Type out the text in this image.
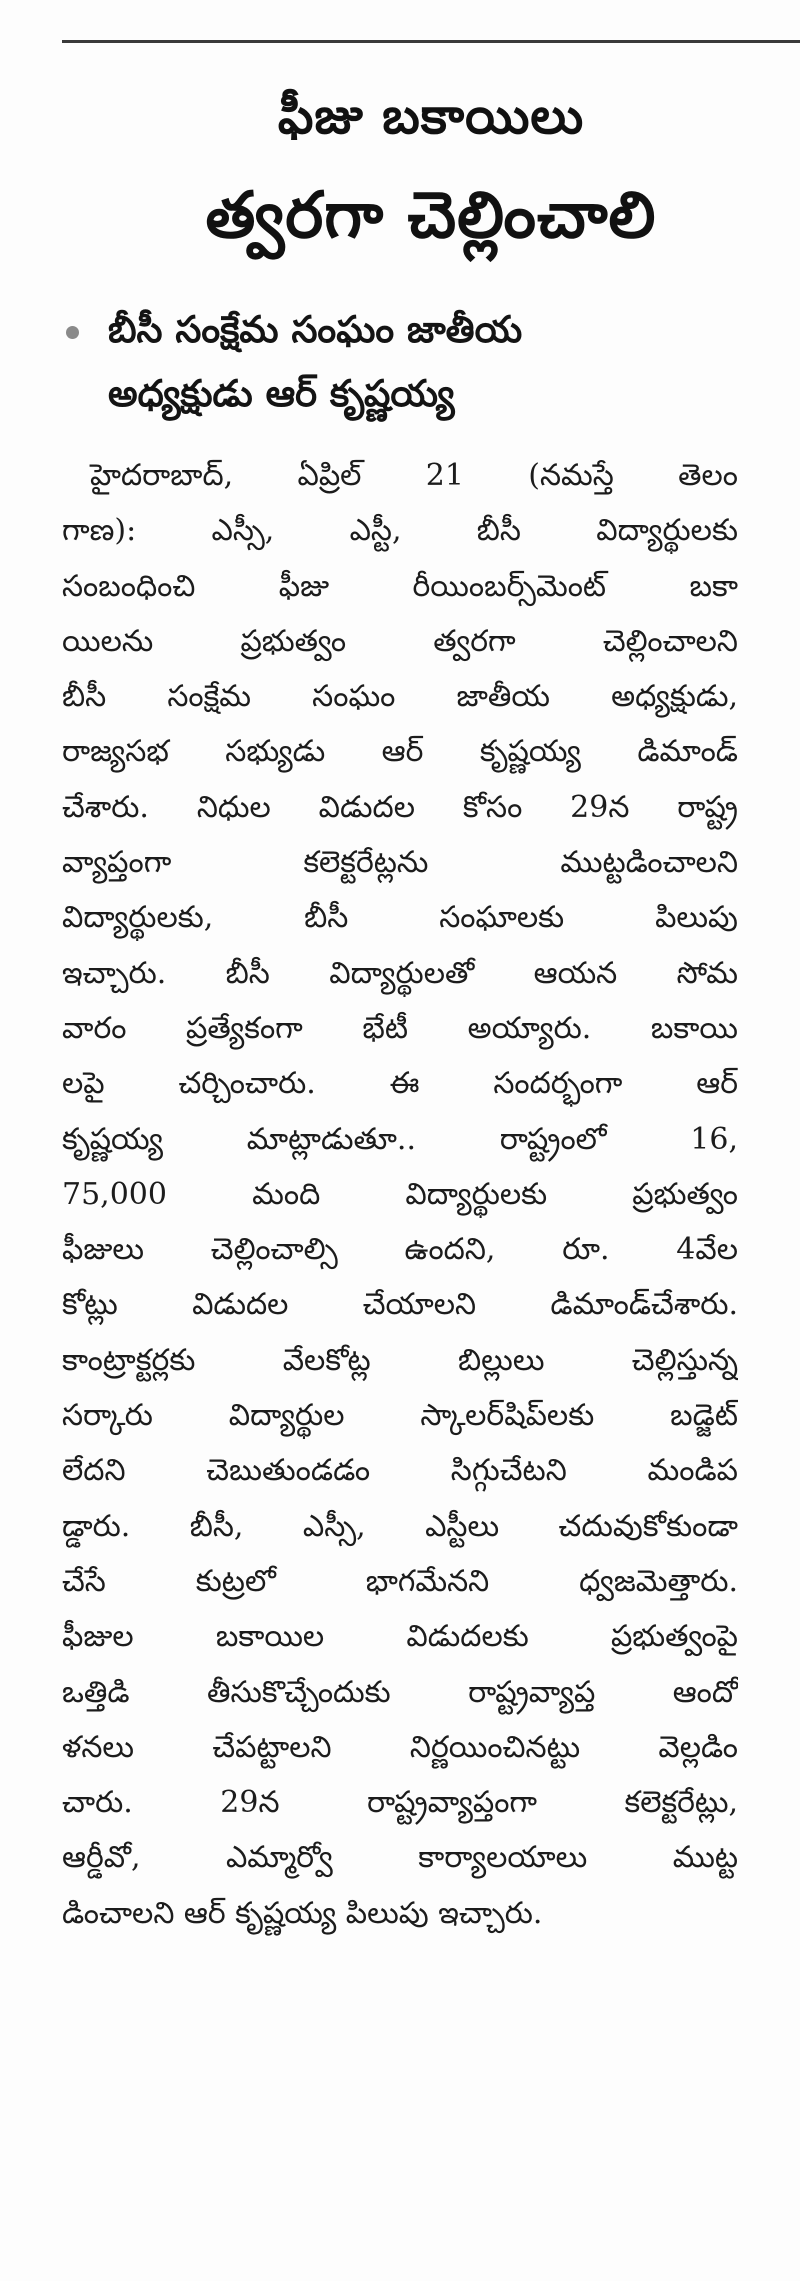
ఫీజు బకాయిలు
త్వరగా చెల్లించాలి
బీసీ సంక్షేమ సంఘం జాతీయ
అధ్యక్షుడు ఆర్ కృష్ణయ్య
హైదరాబాద్, ఏప్రిల్ 21 (నమస్తే తెలం
గాణ): ఎస్సీ, ఎస్టీ, బీసీ విద్యార్థులకు
సంబంధించి ఫీజు రీయింబర్స్‌మెంట్ బకా
యిలను ప్రభుత్వం త్వరగా చెల్లించాలని
బీసీ సంక్షేమ సంఘం జాతీయ అధ్యక్షుడు,
రాజ్యసభ సభ్యుడు ఆర్ కృష్ణయ్య డిమాండ్
చేశారు. నిధుల విడుదల కోసం 29న రాష్ట్ర
వ్యాప్తంగా కలెక్టరేట్లను ముట్టడించాలని
విద్యార్థులకు, బీసీ సంఘాలకు పిలుపు
ఇచ్చారు. బీసీ విద్యార్థులతో ఆయన సోమ
వారం ప్రత్యేకంగా భేటీ అయ్యారు. బకాయి
లపై చర్చించారు. ఈ సందర్భంగా ఆర్
కృష్ణయ్య మాట్లాడుతూ.. రాష్ట్రంలో 16,
75,000 మంది విద్యార్థులకు ప్రభుత్వం
ఫీజులు చెల్లించాల్సి ఉందని, రూ. 4వేల
కోట్లు విడుదల చేయాలని డిమాండ్‌చేశారు.
కాంట్రాక్టర్లకు వేలకోట్ల బిల్లులు చెల్లిస్తున్న
సర్కారు విద్యార్థుల స్కాలర్‌షిప్‌లకు బడ్జెట్
లేదని చెబుతుండడం సిగ్గుచేటని మండిప
డ్డారు. బీసీ, ఎస్సీ, ఎస్టీలు చదువుకోకుండా
చేసే కుట్రలో భాగమేనని ధ్వజమెత్తారు.
ఫీజుల బకాయిల విడుదలకు ప్రభుత్వంపై
ఒత్తిడి తీసుకొచ్చేందుకు రాష్ట్రవ్యాప్త ఆందో
ళనలు చేపట్టాలని నిర్ణయించినట్టు వెల్లడిం
చారు. 29న రాష్ట్రవ్యాప్తంగా కలెక్టరేట్లు,
ఆర్డీవో, ఎమ్మార్వో కార్యాలయాలు ముట్ట
డించాలని ఆర్ కృష్ణయ్య పిలుపు ఇచ్చారు.
